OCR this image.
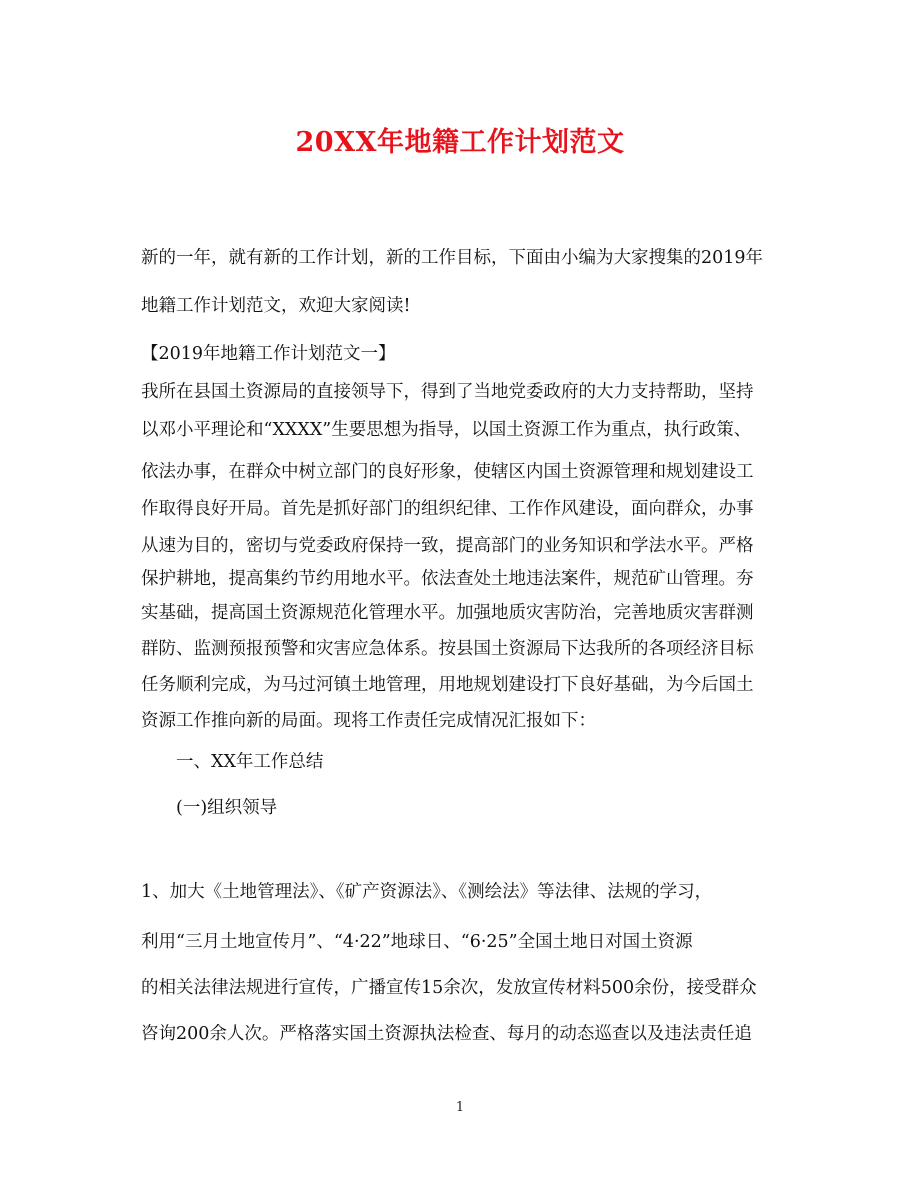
20XX年地籍工作计划范文
新的一年，就有新的工作计划，新的工作目标，下面由小编为大家搜集的2019年
地籍工作计划范文，欢迎大家阅读!
【2019年地籍工作计划范文一】
我所在县国土资源局的直接领导下，得到了当地党委政府的大力支持帮助，坚持
以邓小平理论和“XXXX”生要思想为指导，以国土资源工作为重点，执行政策、
依法办事，在群众中树立部门的良好形象，使辖区内国土资源管理和规划建设工
作取得良好开局。首先是抓好部门的组织纪律、工作作风建设，面向群众，办事
从速为目的，密切与党委政府保持一致，提高部门的业务知识和学法水平。严格
保护耕地，提高集约节约用地水平。依法查处土地违法案件，规范矿山管理。夯
实基础，提高国土资源规范化管理水平。加强地质灾害防治，完善地质灾害群测
群防、监测预报预警和灾害应急体系。按县国土资源局下达我所的各项经济目标
任务顺利完成，为马过河镇土地管理，用地规划建设打下良好基础，为今后国土
资源工作推向新的局面。现将工作责任完成情况汇报如下：
一、XX年工作总结
(一)组织领导
1、加大《土地管理法》、《矿产资源法》、《测绘法》等法律、法规的学习，
利用“三月土地宣传月”、“4·22”地球日、“6·25”全国土地日对国土资源
的相关法律法规进行宣传，广播宣传15余次，发放宣传材料500余份，接受群众
咨询200余人次。严格落实国土资源执法检查、每月的动态巡查以及违法责任追
1
